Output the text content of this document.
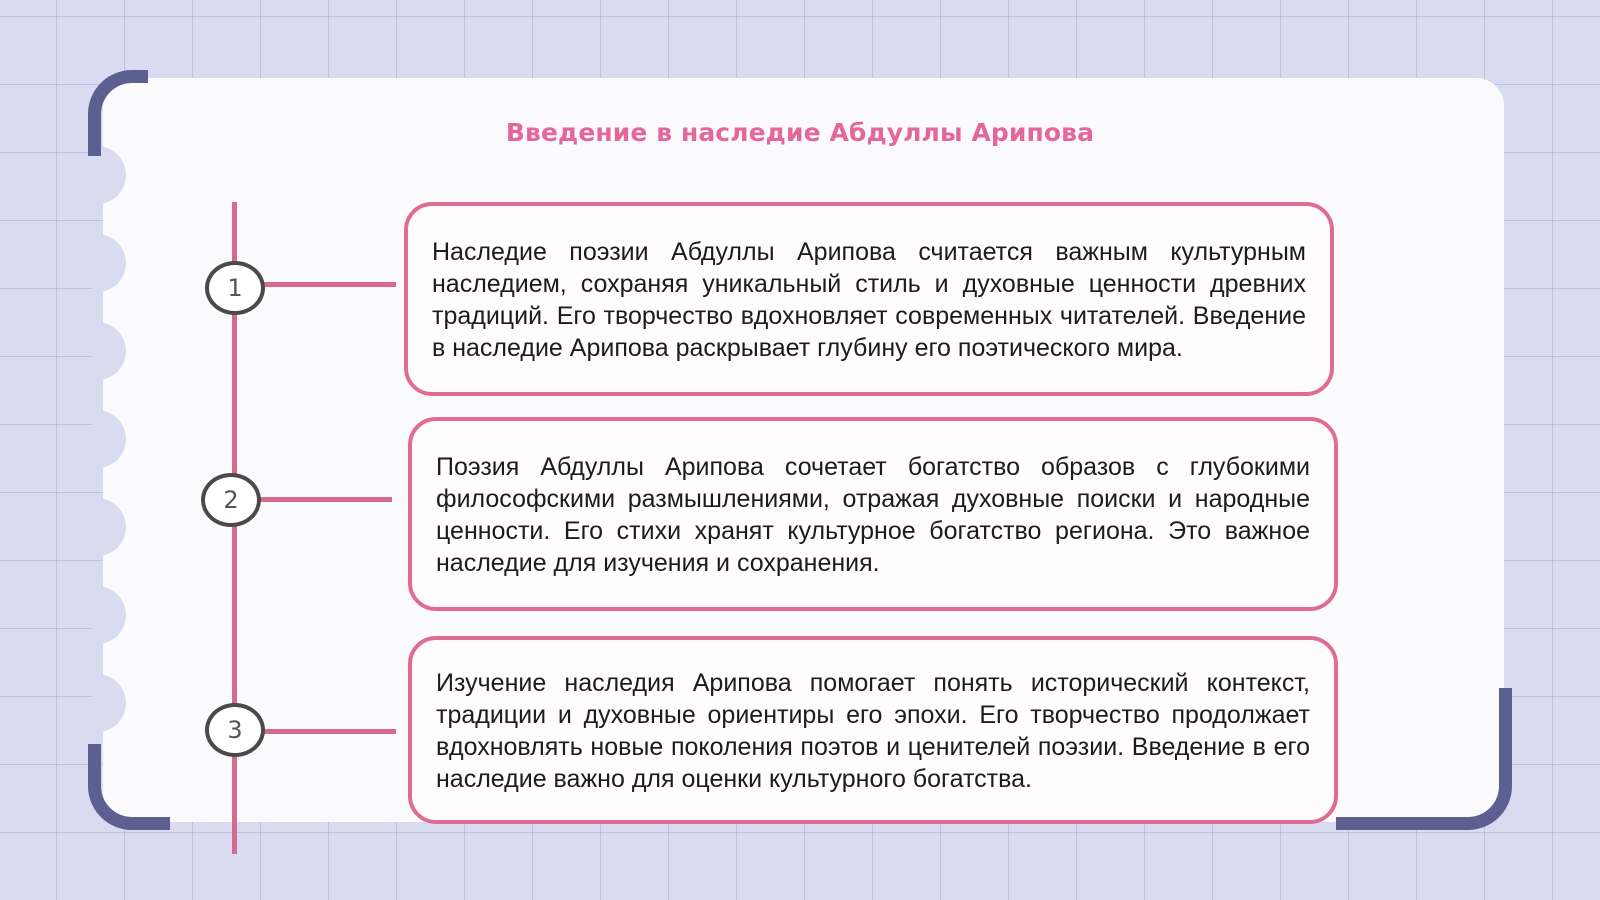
Введение в наследие Абдуллы Арипова
1
2
3

Наследие поэзии Абдуллы Арипова считается важным культурным наследием, сохраняя уникальный стиль и духовные ценности древних традиций. Его творчество вдохновляет современных читателей. Введение в наследие Арипова раскрывает глубину его поэтического мира.

Поэзия Абдуллы Арипова сочетает богатство образов с глубокими философскими размышлениями, отражая духовные поиски и народные ценности. Его стихи хранят культурное богатство региона. Это важное наследие для изучения и сохранения.

Изучение наследия Арипова помогает понять исторический контекст, традиции и духовные ориентиры его эпохи. Его творчество продолжает вдохновлять новые поколения поэтов и ценителей поэзии. Введение в его наследие важно для оценки культурного богатства.
